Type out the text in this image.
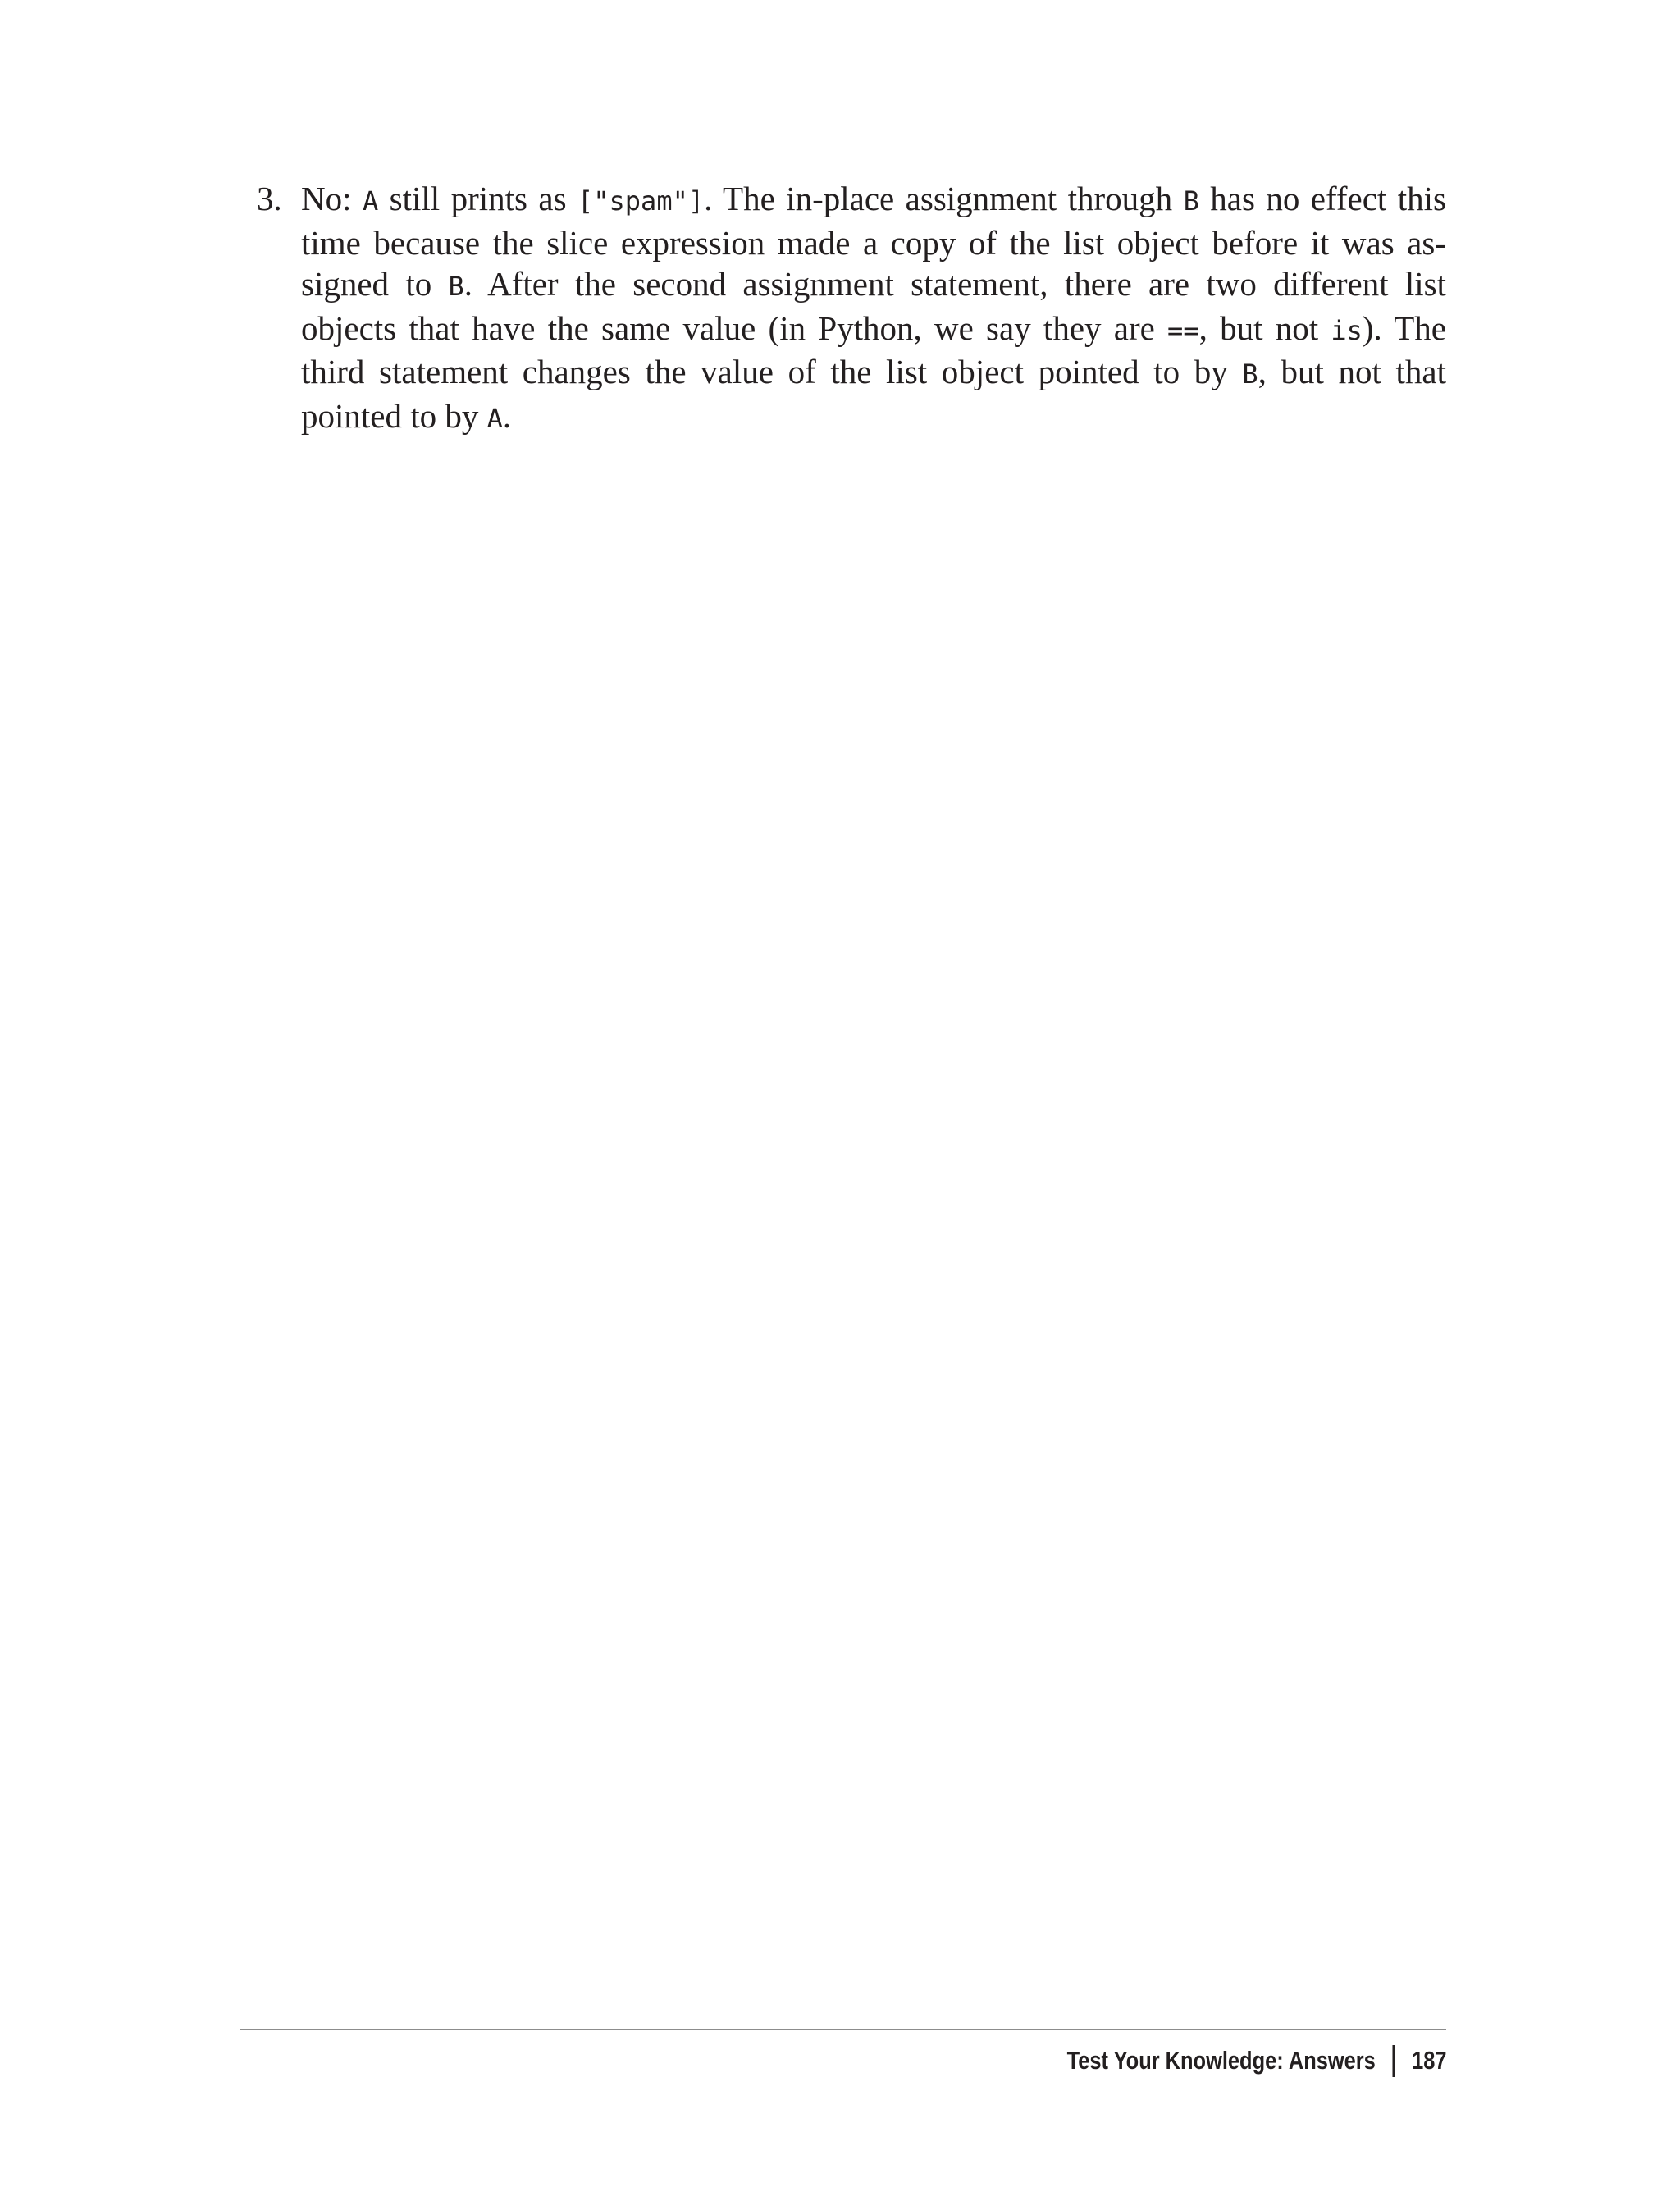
3. No: A still prints as ["spam"]. The in-place assignment through B has no effect this time because the slice expression made a copy of the list object before it was assigned to B. After the second assignment statement, there are two different list objects that have the same value (in Python, we say they are ==, but not is). The third statement changes the value of the list object pointed to by B, but not that pointed to by A.
Test Your Knowledge: Answers 187
